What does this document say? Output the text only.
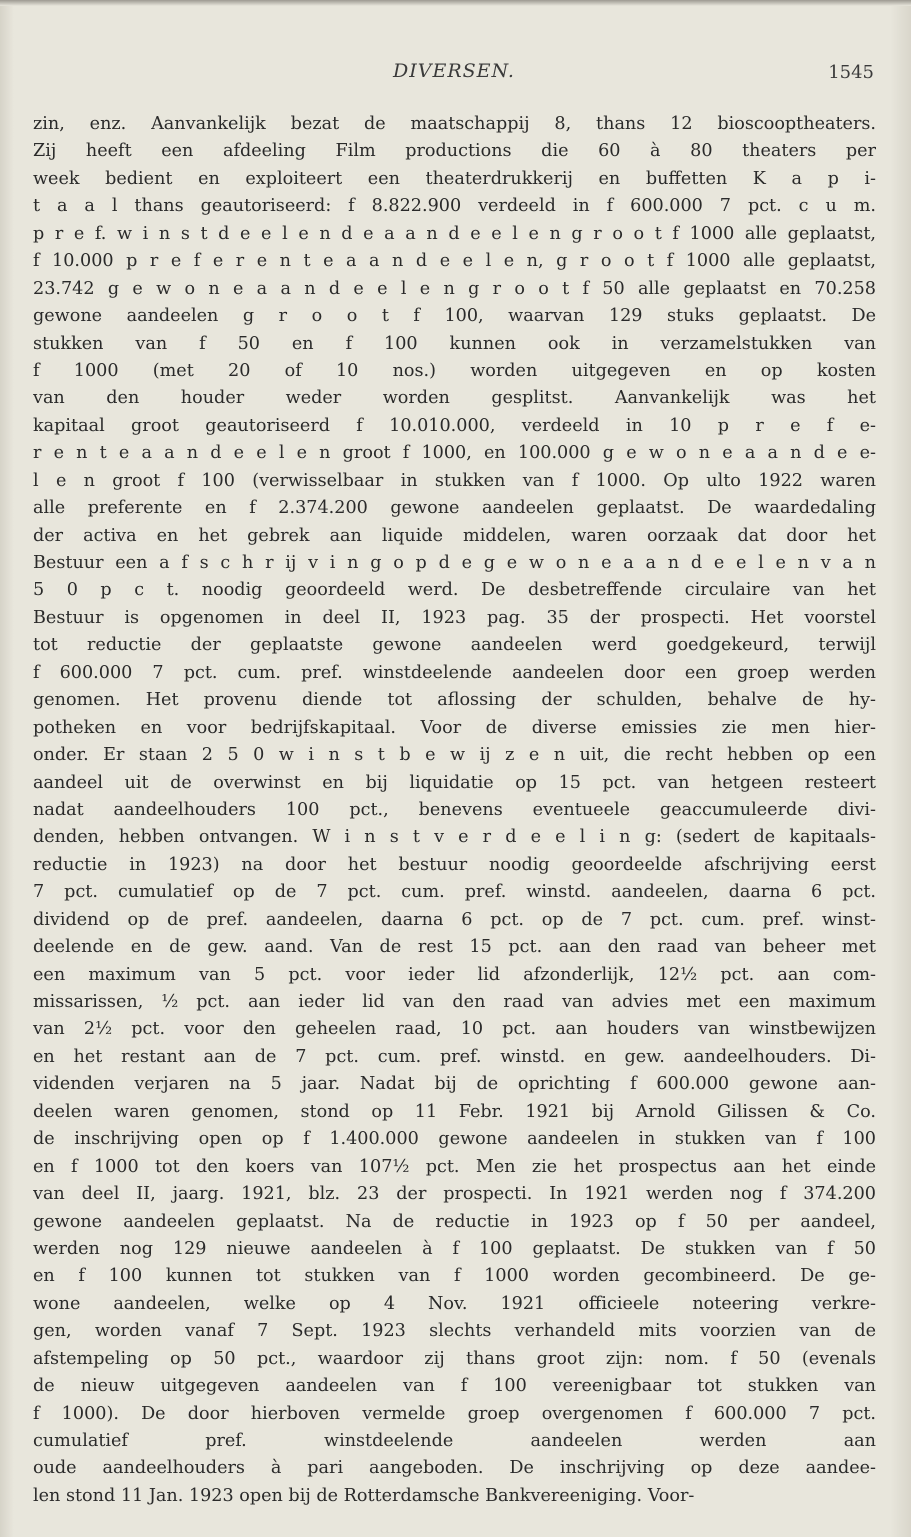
DIVERSEN.	1545
zin, enz. Aanvankelijk bezat de maatschappij 8, thans 12 bioscooptheaters.
Zij heeft een afdeeling Film productions die 60 à 80 theaters per
week bedient en exploiteert een theaterdrukkerij en buffetten K a p i-
t a a l thans geautoriseerd: f 8.822.900 verdeeld in f 600.000 7 pct. c u m.
p r e f. w i n s t d e e l e n d e a a n d e e l e n g r o o t f 1000 alle geplaatst,
f 10.000 p r e f e r e n t e a a n d e e l e n, g r o o t f 1000 alle geplaatst,
23.742 g e w o n e a a n d e e l e n g r o o t f 50 alle geplaatst en 70.258
gewone aandeelen g r o o t f 100, waarvan 129 stuks geplaatst. De
stukken van f 50 en f 100 kunnen ook in verzamelstukken van
f 1000 (met 20 of 10 nos.) worden uitgegeven en op kosten
van den houder weder worden gesplitst. Aanvankelijk was het
kapitaal groot geautoriseerd f 10.010.000, verdeeld in 10 p r e f e-
r e n t e a a n d e e l e n groot f 1000, en 100.000 g e w o n e a a n d e e-
l e n groot f 100 (verwisselbaar in stukken van f 1000. Op ulto 1922 waren
alle preferente en f 2.374.200 gewone aandeelen geplaatst. De waardedaling
der activa en het gebrek aan liquide middelen, waren oorzaak dat door het
Bestuur een a f s c h r ij v i n g o p d e g e w o n e a a n d e e l e n v a n
5 0 p c t. noodig geoordeeld werd. De desbetreffende circulaire van het
Bestuur is opgenomen in deel II, 1923 pag. 35 der prospecti. Het voorstel
tot reductie der geplaatste gewone aandeelen werd goedgekeurd, terwijl
f 600.000 7 pct. cum. pref. winstdeelende aandeelen door een groep werden
genomen. Het provenu diende tot aflossing der schulden, behalve de hy-
potheken en voor bedrijfskapitaal. Voor de diverse emissies zie men hier-
onder. Er staan 2 5 0 w i n s t b e w ij z e n uit, die recht hebben op een
aandeel uit de overwinst en bij liquidatie op 15 pct. van hetgeen resteert
nadat aandeelhouders 100 pct., benevens eventueele geaccumuleerde divi-
denden, hebben ontvangen. W i n s t v e r d e e l i n g: (sedert de kapitaals-
reductie in 1923) na door het bestuur noodig geoordeelde afschrijving eerst
7 pct. cumulatief op de 7 pct. cum. pref. winstd. aandeelen, daarna 6 pct.
dividend op de pref. aandeelen, daarna 6 pct. op de 7 pct. cum. pref. winst-
deelende en de gew. aand. Van de rest 15 pct. aan den raad van beheer met
een maximum van 5 pct. voor ieder lid afzonderlijk, 12½ pct. aan com-
missarissen, ½ pct. aan ieder lid van den raad van advies met een maximum
van 2½ pct. voor den geheelen raad, 10 pct. aan houders van winstbewijzen
en het restant aan de 7 pct. cum. pref. winstd. en gew. aandeelhouders. Di-
videnden verjaren na 5 jaar. Nadat bij de oprichting f 600.000 gewone aan-
deelen waren genomen, stond op 11 Febr. 1921 bij Arnold Gilissen & Co.
de inschrijving open op f 1.400.000 gewone aandeelen in stukken van f 100
en f 1000 tot den koers van 107½ pct. Men zie het prospectus aan het einde
van deel II, jaarg. 1921, blz. 23 der prospecti. In 1921 werden nog f 374.200
gewone aandeelen geplaatst. Na de reductie in 1923 op f 50 per aandeel,
werden nog 129 nieuwe aandeelen à f 100 geplaatst. De stukken van f 50
en f 100 kunnen tot stukken van f 1000 worden gecombineerd. De ge-
wone aandeelen, welke op 4 Nov. 1921 officieele noteering verkre-
gen, worden vanaf 7 Sept. 1923 slechts verhandeld mits voorzien van de
afstempeling op 50 pct., waardoor zij thans groot zijn: nom. f 50 (evenals
de nieuw uitgegeven aandeelen van f 100 vereenigbaar tot stukken van
f 1000). De door hierboven vermelde groep overgenomen f 600.000 7 pct.
cumulatief pref. winstdeelende aandeelen werden aan
oude aandeelhouders à pari aangeboden. De inschrijving op deze aandee-
len stond 11 Jan. 1923 open bij de Rotterdamsche Bankvereeniging. Voor-
